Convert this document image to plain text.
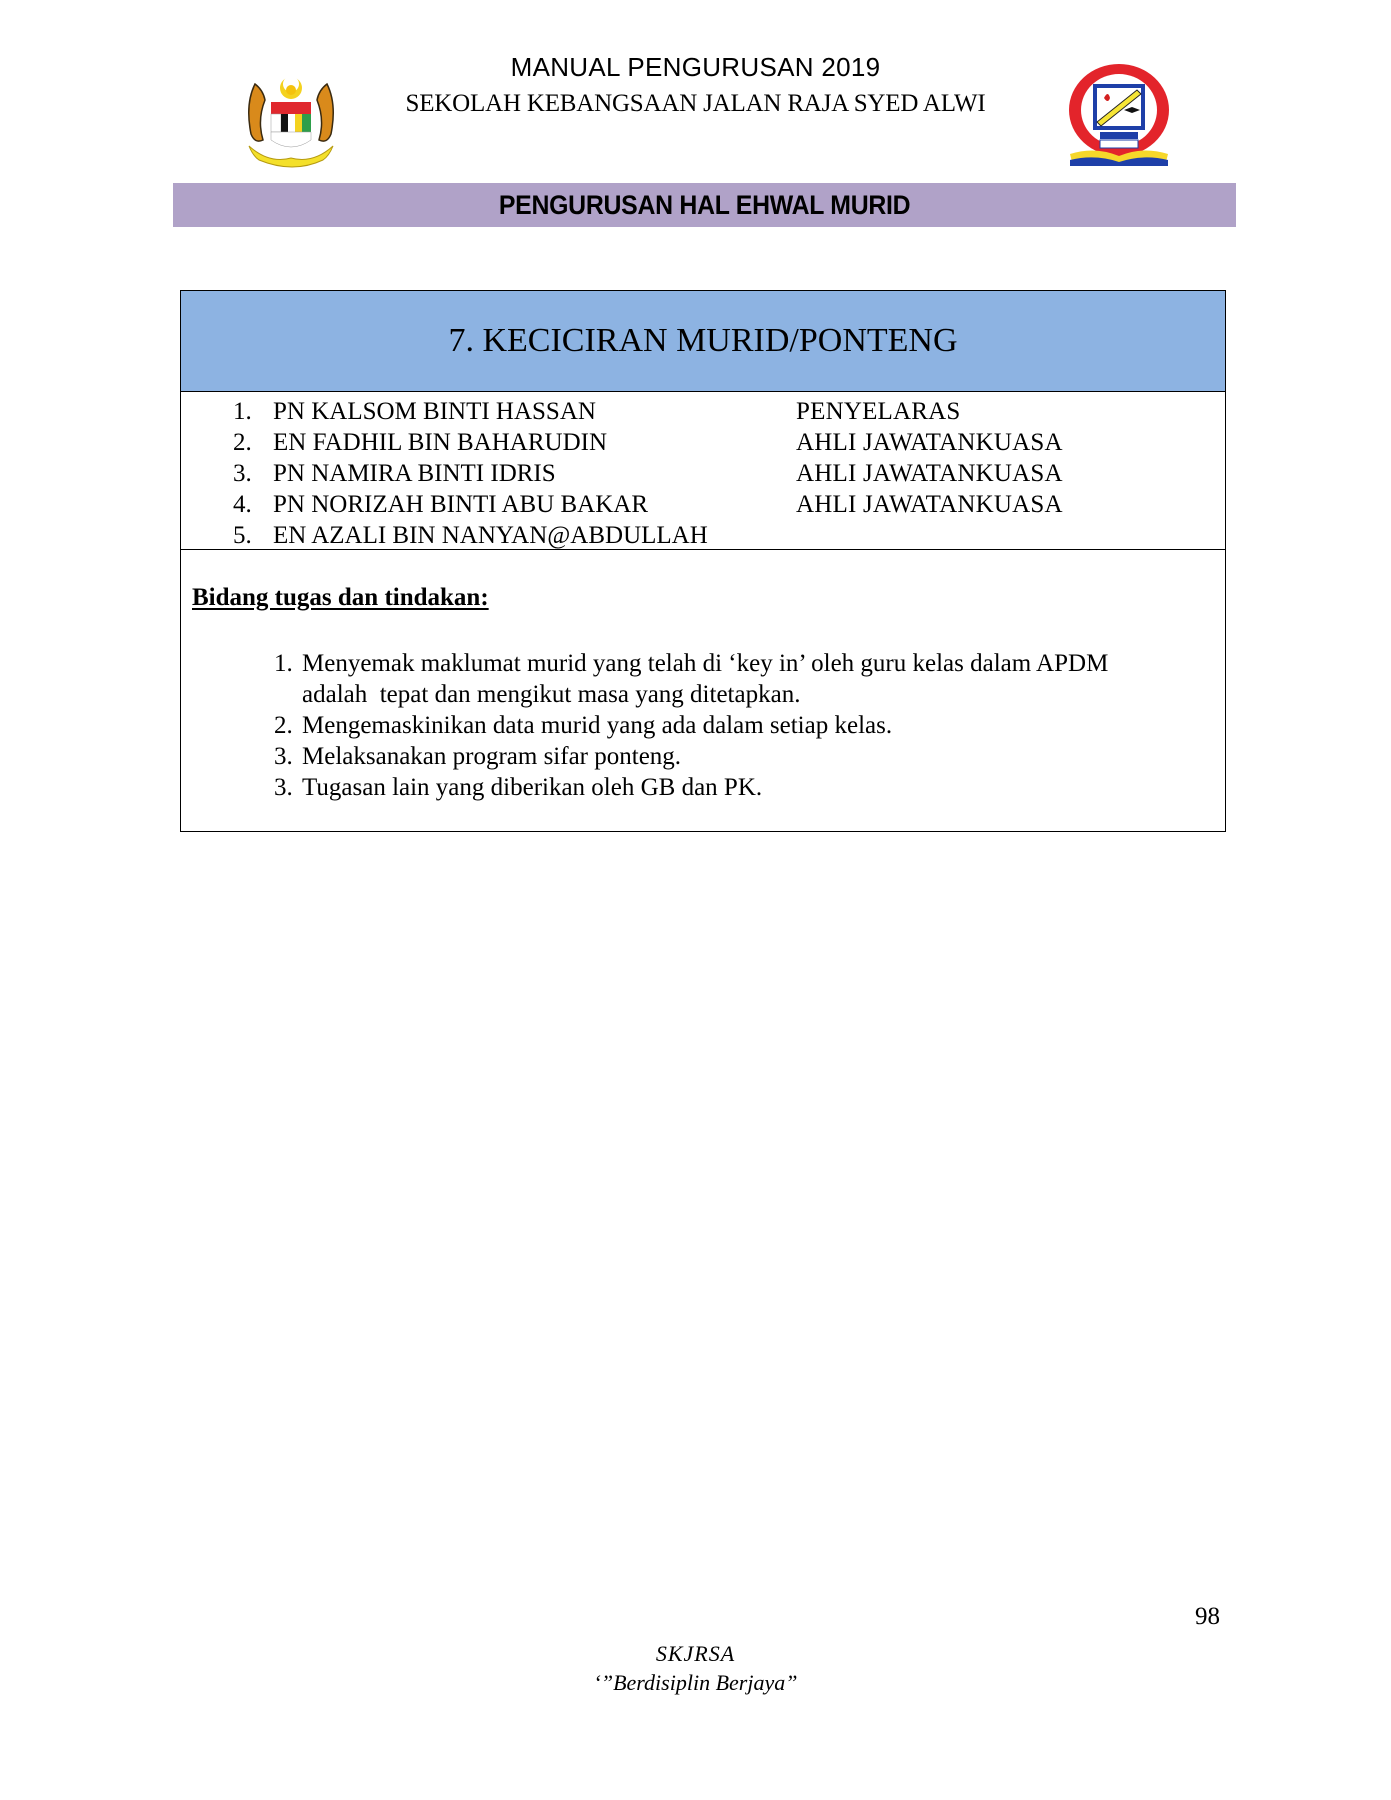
MANUAL PENGURUSAN 2019
SEKOLAH KEBANGSAAN JALAN RAJA SYED ALWI
PENGURUSAN HAL EHWAL MURID
7. KECICIRAN MURID/PONTENG
1. PN KALSOM BINTI HASSAN	PENYELARAS
2. EN FADHIL BIN BAHARUDIN	AHLI JAWATANKUASA
3. PN NAMIRA BINTI IDRIS	AHLI JAWATANKUASA
4. PN NORIZAH BINTI ABU BAKAR	AHLI JAWATANKUASA
5. EN AZALI BIN NANYAN@ABDULLAH
Bidang tugas dan tindakan:
1. Menyemak maklumat murid yang telah di ‘key in’ oleh guru kelas dalam APDM
adalah  tepat dan mengikut masa yang ditetapkan.
2. Mengemaskinikan data murid yang ada dalam setiap kelas.
3. Melaksanakan program sifar ponteng.
3. Tugasan lain yang diberikan oleh GB dan PK.
98
SKJRSA
‘”Berdisiplin Berjaya”
